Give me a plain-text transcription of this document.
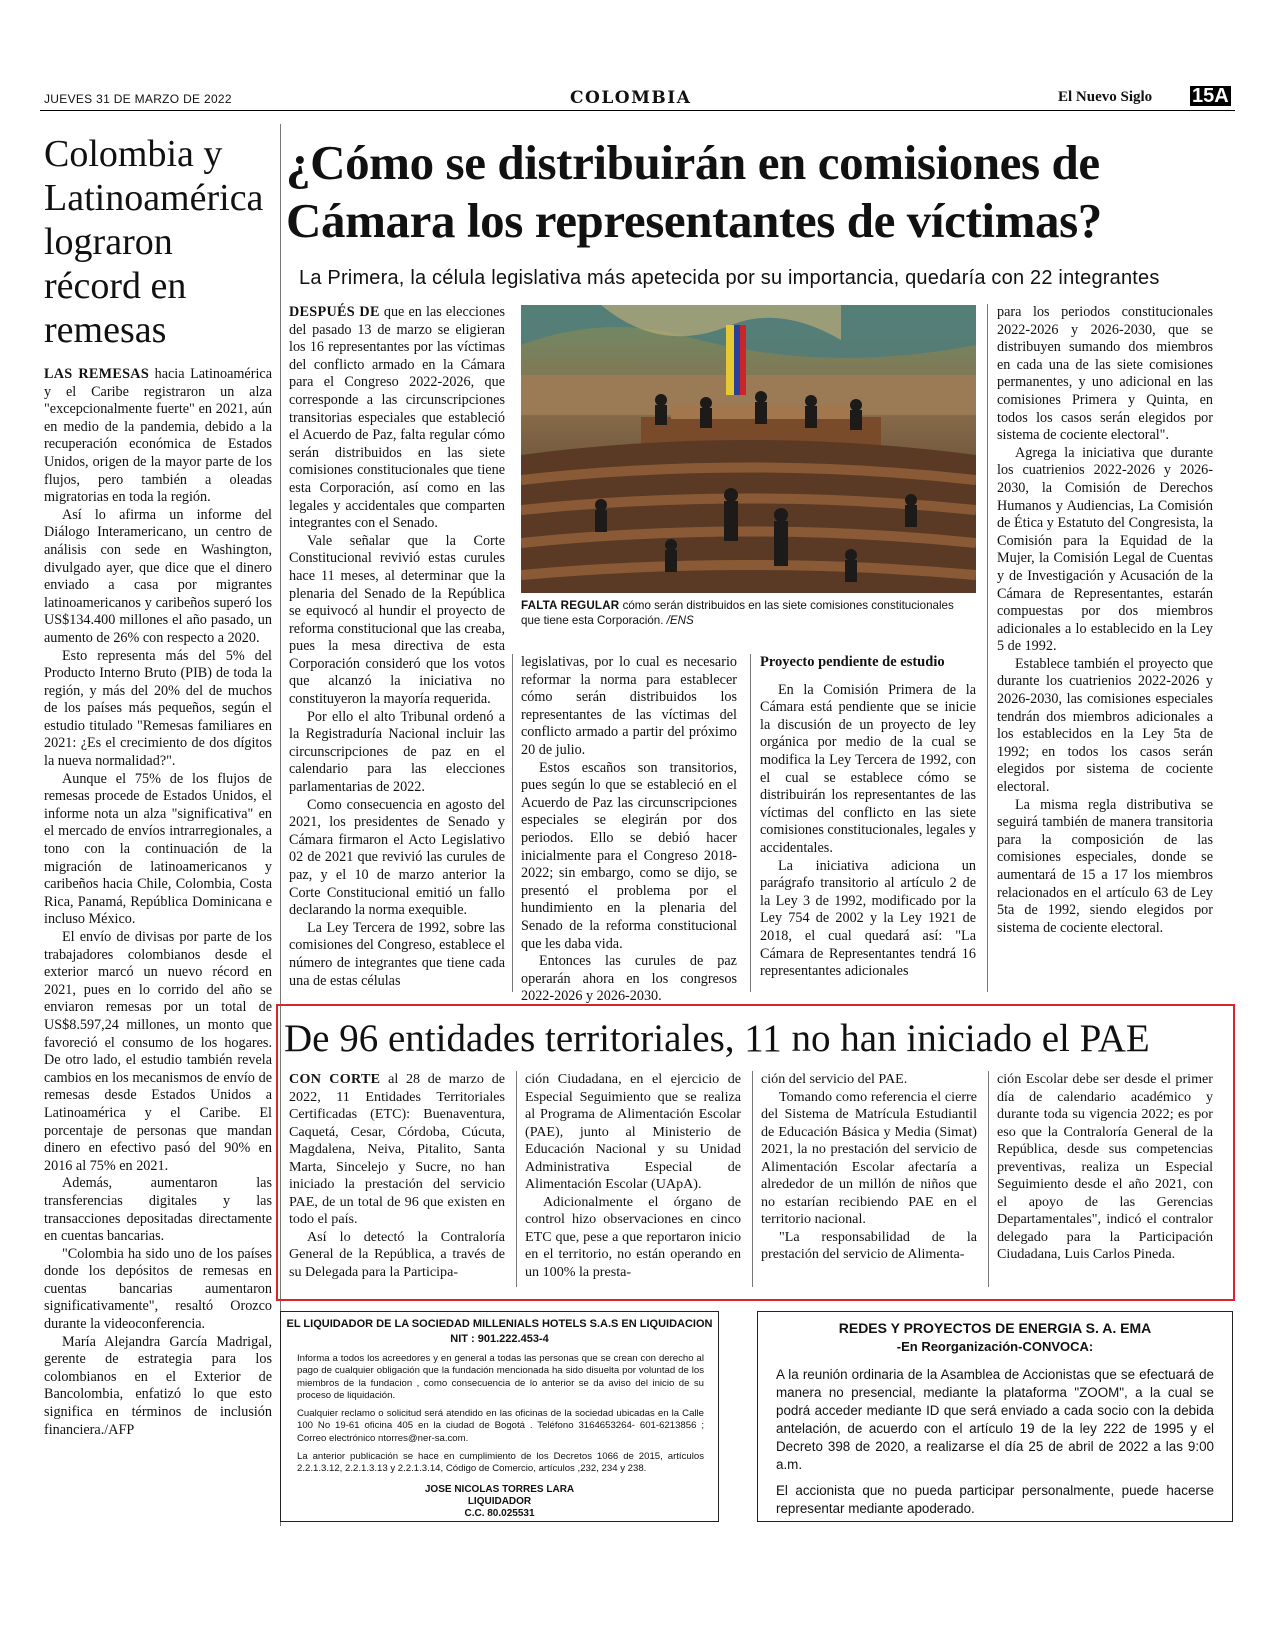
JUEVES 31 DE MARZO DE 2022	COLOMBIA	El Nuevo Siglo 15A
Colombia y Latinoamérica lograron récord en remesas

LAS REMESAS hacia Latinoamérica y el Caribe registraron un alza "excepcionalmente fuerte" en 2021, aún en medio de la pandemia, debido a la recuperación económica de Estados Unidos, origen de la mayor parte de los flujos, pero también a oleadas migratorias en toda la región.

Así lo afirma un informe del Diálogo Interamericano, un centro de análisis con sede en Washington, divulgado ayer, que dice que el dinero enviado a casa por migrantes latinoamericanos y caribeños superó los US$134.400 millones el año pasado, un aumento de 26% con respecto a 2020.

Esto representa más del 5% del Producto Interno Bruto (PIB) de toda la región, y más del 20% del de muchos de los países más pequeños, según el estudio titulado "Remesas familiares en 2021: ¿Es el crecimiento de dos dígitos la nueva normalidad?".

Aunque el 75% de los flujos de remesas procede de Estados Unidos, el informe nota un alza "significativa" en el mercado de envíos intrarregionales, a tono con la continuación de la migración de latinoamericanos y caribeños hacia Chile, Colombia, Costa Rica, Panamá, República Dominicana e incluso México.

El envío de divisas por parte de los trabajadores colombianos desde el exterior marcó un nuevo récord en 2021, pues en lo corrido del año se enviaron remesas por un total de US$8.597,24 millones, un monto que favoreció el consumo de los hogares. De otro lado, el estudio también revela cambios en los mecanismos de envío de remesas desde Estados Unidos a Latinoamérica y el Caribe. El porcentaje de personas que mandan dinero en efectivo pasó del 90% en 2016 al 75% en 2021.

Además, aumentaron las transferencias digitales y las transacciones depositadas directamente en cuentas bancarias.

"Colombia ha sido uno de los países donde los depósitos de remesas en cuentas bancarias aumentaron significativamente", resaltó Orozco durante la videoconferencia.

María Alejandra García Madrigal, gerente de estrategia para los colombianos en el Exterior de Bancolombia, enfatizó lo que esto significa en términos de inclusión financiera./AFP

¿Cómo se distribuirán en comisiones de Cámara los representantes de víctimas?
La Primera, la célula legislativa más apetecida por su importancia, quedaría con 22 integrantes

DESPUÉS DE que en las elecciones del pasado 13 de marzo se eligieran los 16 representantes por las víctimas del conflicto armado en la Cámara para el Congreso 2022-2026, que corresponde a las circunscripciones transitorias especiales que estableció el Acuerdo de Paz, falta regular cómo serán distribuidos en las siete comisiones constitucionales que tiene esta Corporación, así como en las legales y accidentales que comparten integrantes con el Senado.

Vale señalar que la Corte Constitucional revivió estas curules hace 11 meses, al determinar que la plenaria del Senado de la República se equivocó al hundir el proyecto de reforma constitucional que las creaba, pues la mesa directiva de esta Corporación consideró que los votos que alcanzó la iniciativa no constituyeron la mayoría requerida.

Por ello el alto Tribunal ordenó a la Registraduría Nacional incluir las circunscripciones de paz en el calendario para las elecciones parlamentarias de 2022.

Como consecuencia en agosto del 2021, los presidentes de Senado y Cámara firmaron el Acto Legislativo 02 de 2021 que revivió las curules de paz, y el 10 de marzo anterior la Corte Constitucional emitió un fallo declarando la norma exequible.

La Ley Tercera de 1992, sobre las comisiones del Congreso, establece el número de integrantes que tiene cada una de estas células

FALTA REGULAR cómo serán distribuidos en las siete comisiones constitucionales que tiene esta Corporación. /ENS

legislativas, por lo cual es necesario reformar la norma para establecer cómo serán distribuidos los representantes de las víctimas del conflicto armado a partir del próximo 20 de julio.

Estos escaños son transitorios, pues según lo que se estableció en el Acuerdo de Paz las circunscripciones especiales se elegirán por dos periodos. Ello se debió hacer inicialmente para el Congreso 2018-2022; sin embargo, como se dijo, se presentó el problema por el hundimiento en la plenaria del Senado de la reforma constitucional que les daba vida.

Entonces las curules de paz operarán ahora en los congresos 2022-2026 y 2026-2030.

Proyecto pendiente de estudio

En la Comisión Primera de la Cámara está pendiente que se inicie la discusión de un proyecto de ley orgánica por medio de la cual se modifica la Ley Tercera de 1992, con el cual se establece cómo se distribuirán los representantes de las víctimas del conflicto en las siete comisiones constitucionales, legales y accidentales.

La iniciativa adiciona un parágrafo transitorio al artículo 2 de la Ley 3 de 1992, modificado por la Ley 754 de 2002 y la Ley 1921 de 2018, el cual quedará así: "La Cámara de Representantes tendrá 16 representantes adicionales

para los periodos constitucionales 2022-2026 y 2026-2030, que se distribuyen sumando dos miembros en cada una de las siete comisiones permanentes, y uno adicional en las comisiones Primera y Quinta, en todos los casos serán elegidos por sistema de cociente electoral".

Agrega la iniciativa que durante los cuatrienios 2022-2026 y 2026-2030, la Comisión de Derechos Humanos y Audiencias, La Comisión de Ética y Estatuto del Congresista, la Comisión para la Equidad de la Mujer, la Comisión Legal de Cuentas y de Investigación y Acusación de la Cámara de Representantes, estarán compuestas por dos miembros adicionales a lo establecido en la Ley 5 de 1992.

Establece también el proyecto que durante los cuatrienios 2022-2026 y 2026-2030, las comisiones especiales tendrán dos miembros adicionales a los establecidos en la Ley 5ta de 1992; en todos los casos serán elegidos por sistema de cociente electoral.

La misma regla distributiva se seguirá también de manera transitoria para la composición de las comisiones especiales, donde se aumentará de 15 a 17 los miembros relacionados en el artículo 63 de Ley 5ta de 1992, siendo elegidos por sistema de cociente electoral.

De 96 entidades territoriales, 11 no han iniciado el PAE

CON CORTE al 28 de marzo de 2022, 11 Entidades Territoriales Certificadas (ETC): Buenaventura, Caquetá, Cesar, Córdoba, Cúcuta, Magdalena, Neiva, Pitalito, Santa Marta, Sincelejo y Sucre, no han iniciado la prestación del servicio PAE, de un total de 96 que existen en todo el país.

Así lo detectó la Contraloría General de la República, a través de su Delegada para la Participa-

ción Ciudadana, en el ejercicio de Especial Seguimiento que se realiza al Programa de Alimentación Escolar (PAE), junto al Ministerio de Educación Nacional y su Unidad Administrativa Especial de Alimentación Escolar (UApA).

Adicionalmente el órgano de control hizo observaciones en cinco ETC que, pese a que reportaron inicio en el territorio, no están operando en un 100% la presta-

ción del servicio del PAE.

Tomando como referencia el cierre del Sistema de Matrícula Estudiantil de Educación Básica y Media (Simat) 2021, la no prestación del servicio de Alimentación Escolar afectaría a alrededor de un millón de niños que no estarían recibiendo PAE en el territorio nacional.

"La responsabilidad de la prestación del servicio de Alimenta-

ción Escolar debe ser desde el primer día de calendario académico y durante toda su vigencia 2022; es por eso que la Contraloría General de la República, desde sus competencias preventivas, realiza un Especial Seguimiento desde el año 2021, con el apoyo de las Gerencias Departamentales", indicó el contralor delegado para la Participación Ciudadana, Luis Carlos Pineda.

EL LIQUIDADOR DE LA SOCIEDAD MILLENIALS HOTELS S.A.S EN LIQUIDACION
NIT : 901.222.453-4
Informa a todos los acreedores y en general a todas las personas que se crean con derecho al pago de cualquier obligación que la fundación mencionada ha sido disuelta por voluntad de los miembros de la fundacion , como consecuencia de lo anterior se da aviso del inicio de su proceso de liquidación.
Cualquier reclamo o solicitud será atendido en las oficinas de la sociedad ubicadas en la Calle 100 No 19-61 oficina 405 en la ciudad de Bogotá . Teléfono 3164653264- 601-6213856 ; Correo electrónico ntorres@ner-sa.com.
La anterior publicación se hace en cumplimiento de los Decretos 1066 de 2015, artículos 2.2.1.3.12, 2.2.1.3.13 y 2.2.1.3.14, Código de Comercio, artículos ,232, 234 y 238.
JOSE NICOLAS TORRES LARA
LIQUIDADOR
C.C. 80.025531
REDES Y PROYECTOS DE ENERGIA S. A. EMA
-En Reorganización-CONVOCA:
A la reunión ordinaria de la Asamblea de Accionistas que se efectuará de manera no presencial, mediante la plataforma "ZOOM", a la cual se podrá acceder mediante ID que será enviado a cada socio con la debida antelación, de acuerdo con el artículo 19 de la ley 222 de 1995 y el Decreto 398 de 2020, a realizarse el día 25 de abril de 2022 a las 9:00 a.m.
El accionista que no pueda participar personalmente, puede hacerse representar mediante apoderado.
